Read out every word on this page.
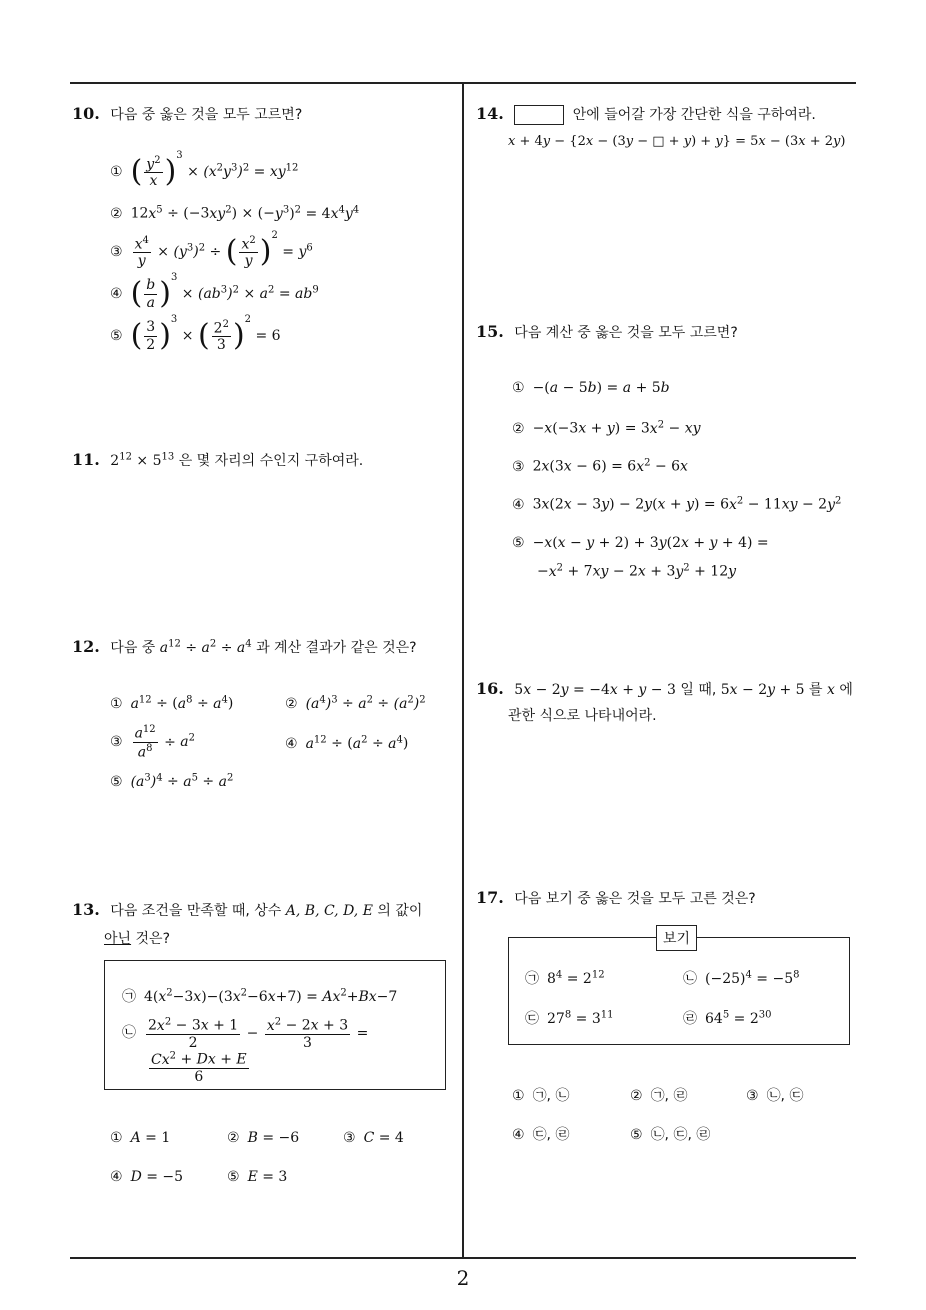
2
10. 다음 중 옳은 것을 모두 고르면?
① ( $\frac{y^2}{x} )^3 \times (x^2y^3)^2 = xy^{12}$
② $12x^5 \div (-3xy^2) \times (-y^3)^2 = 4x^4y^4$
③ $\frac{x^4}{y} \times (y^3)^2$ ÷ ( $\frac{x^2}{y} )^2 = y^6$
④ ( $\frac{b}{a} )^3 \times (ab^3)^2 \times a^2 = ab^9$
⑤ ( $\frac{3}{2} )^3$ × ( $\frac{2^2}{3} )^2 = 6$
11. $2^{12} \times 5^{13}$ 은 몇 자리의 수인지 구하여라.
12. 다음 중 $a^{12} \div a^2 \div a^4$ 과 계산 결과가 같은 것은?
① $a^{12} \div (a^8 \div a^4)$	② $(a^4)^3 \div a^2 \div (a^2)^2$
③ $\frac{a^{12}}{a^8} \div a^2$	④ $a^{12} \div (a^2 \div a^4)$
⑤ $(a^3)^4 \div a^5 \div a^2$
13. 다음 조건을 만족할 때, 상수 A, B, C, D, E 의 값이
아닌 것은?
㉠ $4(x^2-3x)-(3x^2-6x+7) = Ax^2+Bx-7$
㉡ $\frac{2x^2 - 3x + 1}{2} - \frac{x^2 - 2x + 3}{3}$ =
$\frac{Cx^2 + Dx + E}{6}$
① A = 1	② B = −6	③ C = 4
④ D = −5	⑤ E = 3
14.	안에 들어갈 가장 간단한 식을 구하여라.
x + 4y − {2x − (3y − □ + y) + y} = 5x − (3x + 2y)
15. 다음 계산 중 옳은 것을 모두 고르면?
① −(a − 5b) = a + 5b
② $-x(-3x + y) = 3x^2$ − xy
③ $2x(3x - 6) = 6x^2 - 6x$
④ $3x(2x - 3y) - 2y(x + y) = 6x^2 - 11xy - 2y^2$
⑤ −x(x − y + 2) + 3y(2x + y + 4) =
$-x^2 + 7xy - 2x + 3y^2 + 12y$
16. 5x − 2y = −4x + y − 3 일 때, 5x − 2y + 5 를 x 에
관한 식으로 나타내어라.
17. 다음 보기 중 옳은 것을 모두 고른 것은?
보기
㉠ $8^4 = 2^{12}$	㉡ $(-25)^4 = -5^8$
㉢ $27^8 = 3^{11}$	㉣ $64^5 = 2^{30}$
① ㉠, ㉡	② ㉠, ㉣	③ ㉡, ㉢
④ ㉢, ㉣	⑤ ㉡, ㉢, ㉣
